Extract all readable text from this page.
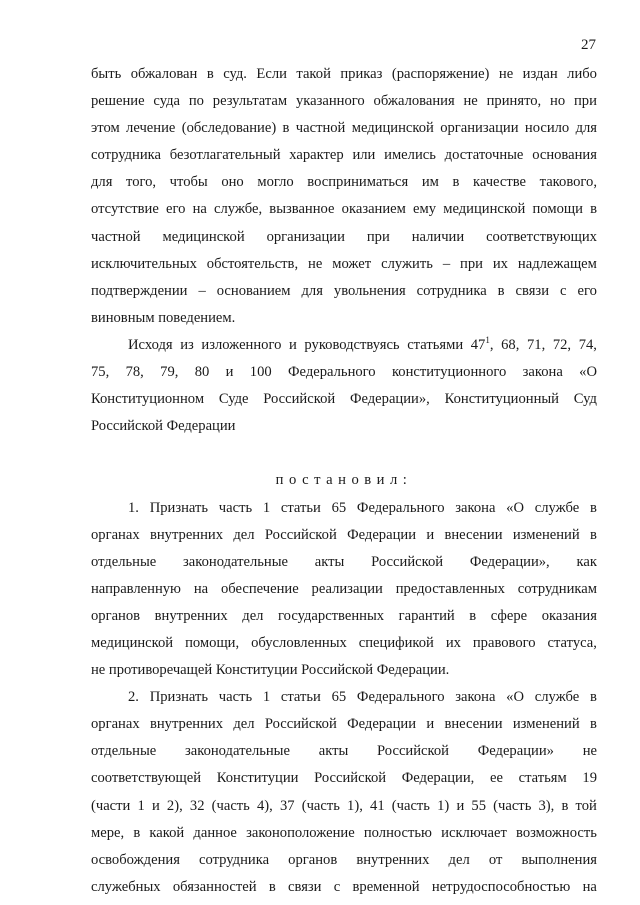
27
быть обжалован в суд. Если такой приказ (распоряжение) не издан либо
решение суда по результатам указанного обжалования не принято, но при
этом лечение (обследование) в частной медицинской организации носило для
сотрудника безотлагательный характер или имелись достаточные основания
для того, чтобы оно могло восприниматься им в качестве такового,
отсутствие его на службе, вызванное оказанием ему медицинской помощи в
частной медицинской организации при наличии соответствующих
исключительных обстоятельств, не может служить – при их надлежащем
подтверждении – основанием для увольнения сотрудника в связи с его
виновным поведением.
Исходя из изложенного и руководствуясь статьями $47^1$, 68, 71, 72, 74,
75, 78, 79, 80 и 100 Федерального конституционного закона «О
Конституционном Суде Российской Федерации», Конституционный Суд
Российской Федерации
постановил:
1. Признать часть 1 статьи 65 Федерального закона «О службе в
органах внутренних дел Российской Федерации и внесении изменений в
отдельные законодательные акты Российской Федерации», как
направленную на обеспечение реализации предоставленных сотрудникам
органов внутренних дел государственных гарантий в сфере оказания
медицинской помощи, обусловленных спецификой их правового статуса,
не противоречащей Конституции Российской Федерации.
2. Признать часть 1 статьи 65 Федерального закона «О службе в
органах внутренних дел Российской Федерации и внесении изменений в
отдельные законодательные акты Российской Федерации» не
соответствующей Конституции Российской Федерации, ее статьям 19
(части 1 и 2), 32 (часть 4), 37 (часть 1), 41 (часть 1) и 55 (часть 3), в той
мере, в какой данное законоположение полностью исключает возможность
освобождения сотрудника органов внутренних дел от выполнения
служебных обязанностей в связи с временной нетрудоспособностью на
